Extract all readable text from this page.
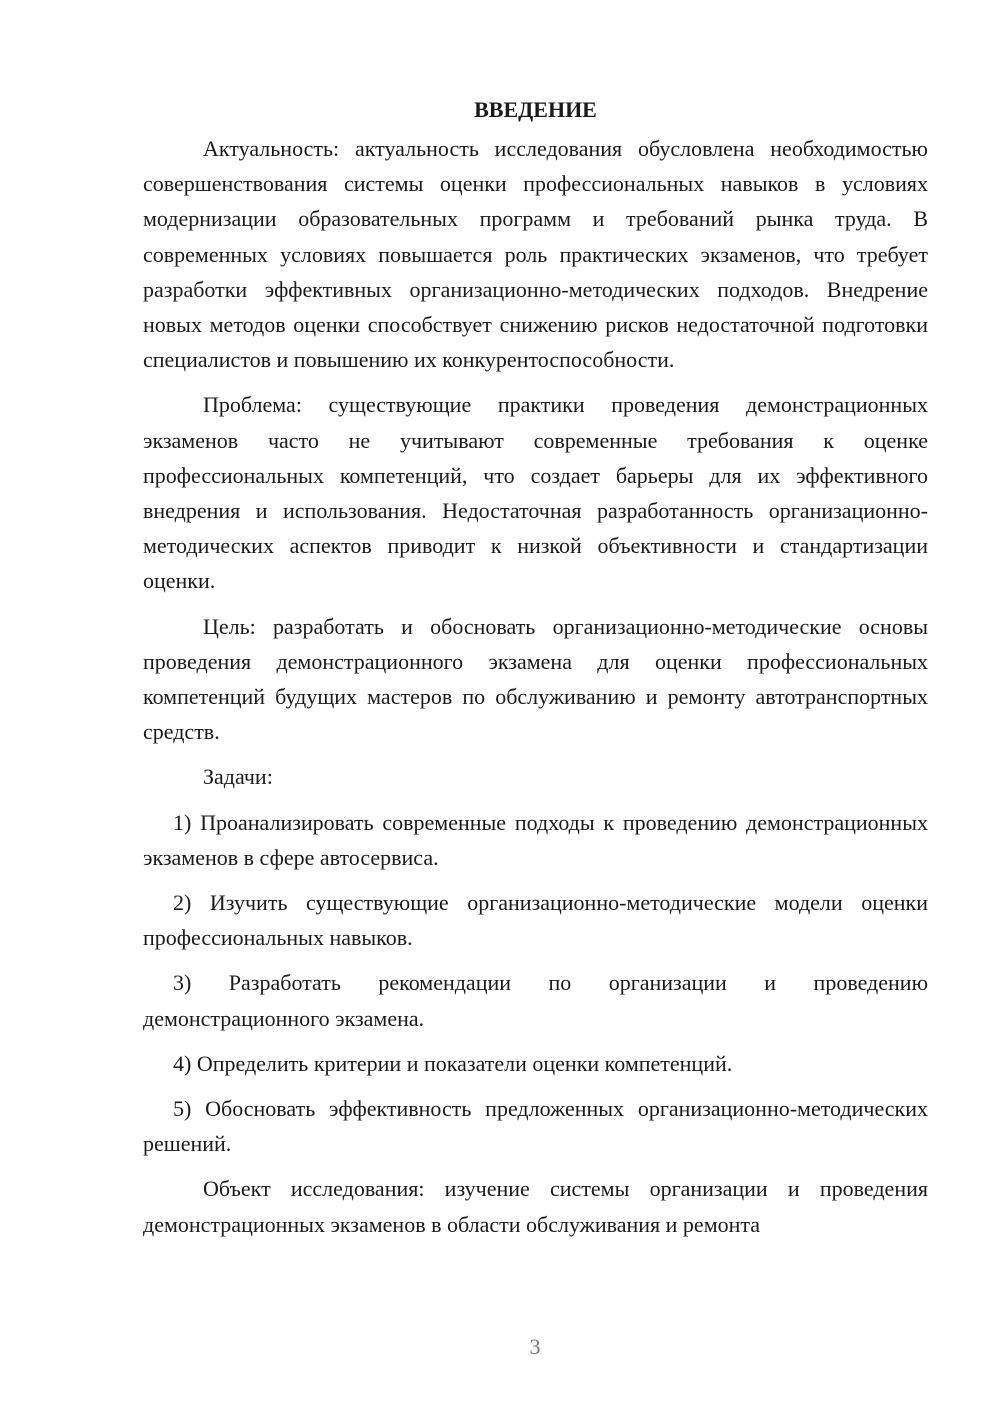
ВВЕДЕНИЕ

Актуальность: актуальность исследования обусловлена необходимостью совершенствования системы оценки профессиональных навыков в условиях модернизации образовательных программ и требований рынка труда. В современных условиях повышается роль практических экзаменов, что требует разработки эффективных организационно-методических подходов. Внедрение новых методов оценки способствует снижению рисков недостаточной подготовки специалистов и повышению их конкурентоспособности.

Проблема: существующие практики проведения демонстрационных экзаменов часто не учитывают современные требования к оценке профессиональных компетенций, что создает барьеры для их эффективного внедрения и использования. Недостаточная разработанность организационно-методических аспектов приводит к низкой объективности и стандартизации оценки.

Цель: разработать и обосновать организационно-методические основы проведения демонстрационного экзамена для оценки профессиональных компетенций будущих мастеров по обслуживанию и ремонту автотранспортных средств.

Задачи:

1) Проанализировать современные подходы к проведению демонстрационных экзаменов в сфере автосервиса.

2) Изучить существующие организационно-методические модели оценки профессиональных навыков.

3) Разработать рекомендации по организации и проведению демонстрационного экзамена.

4) Определить критерии и показатели оценки компетенций.

5) Обосновать эффективность предложенных организационно-методических решений.

Объект исследования: изучение системы организации и проведения демонстрационных экзаменов в области обслуживания и ремонта

3
